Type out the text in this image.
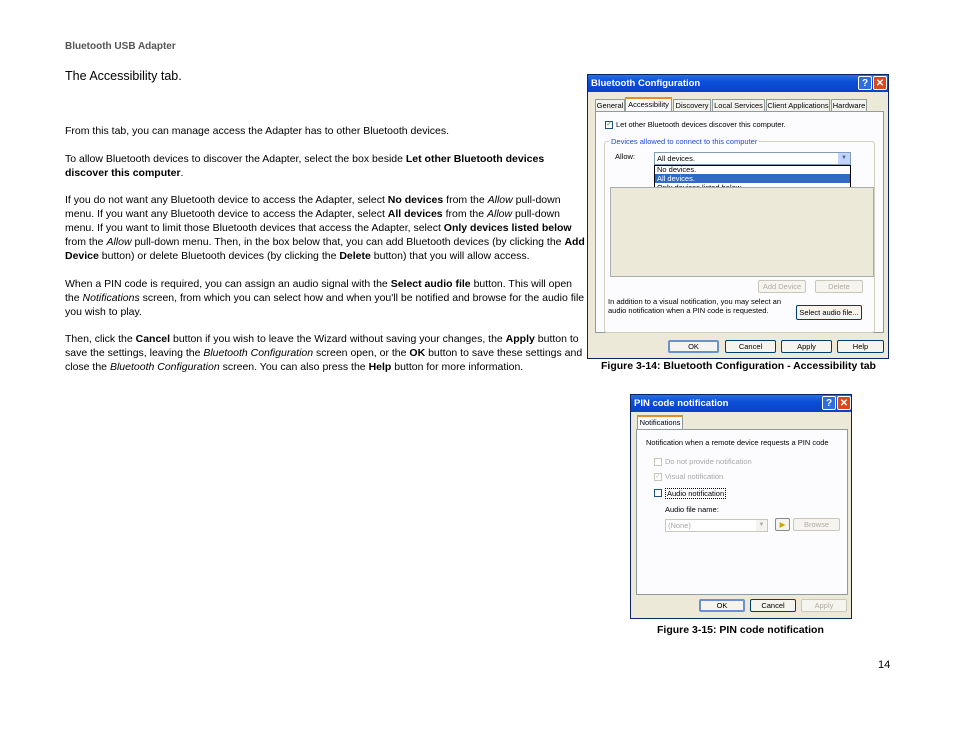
Bluetooth USB Adapter
The Accessibility tab.
From this tab, you can manage access the Adapter has to other Bluetooth devices.
To allow Bluetooth devices to discover the Adapter, select the box beside Let other Bluetooth devices discover this computer.
If you do not want any Bluetooth device to access the Adapter, select No devices from the Allow pull-down menu. If you want any Bluetooth device to access the Adapter, select All devices from the Allow pull-down menu. If you want to limit those Bluetooth devices that access the Adapter, select Only devices listed below from the Allow pull-down menu. Then, in the box below that, you can add Bluetooth devices (by clicking the Add Device button) or delete Bluetooth devices (by clicking the Delete button) that you will allow access.
When a PIN code is required, you can assign an audio signal with the Select audio file button. This will open the Notifications screen, from which you can select how and when you'll be notified and browse for the audio file you wish to play.
Then, click the Cancel button if you wish to leave the Wizard without saving your changes, the Apply button to save the settings, leaving the Bluetooth Configuration screen open, or the OK button to save these settings and close the Bluetooth Configuration screen. You can also press the Help button for more information.
Bluetooth Configuration	? ✕
General Accessibility Discovery Local Services Client Applications Hardware
✓ Let other Bluetooth devices discover this computer.
Devices allowed to connect to this computer
Allow:	All devices.	▼
No devices.
All devices.
Add Device	Delete
In addition to a visual notification, you may select an audio notification when a PIN code is requested.	Select audio file...
OK	Cancel	Apply	Help
Figure 3-14: Bluetooth Configuration - Accessibility tab
PIN code notification	? ✕
Notifications
Notification when a remote device requests a PIN code
Do not provide notification
✓ Visual notification
Audio notification
Audio file name:
(None)	▼	▶	Browse
OK	Cancel	Apply
Figure 3-15: PIN code notification
14
